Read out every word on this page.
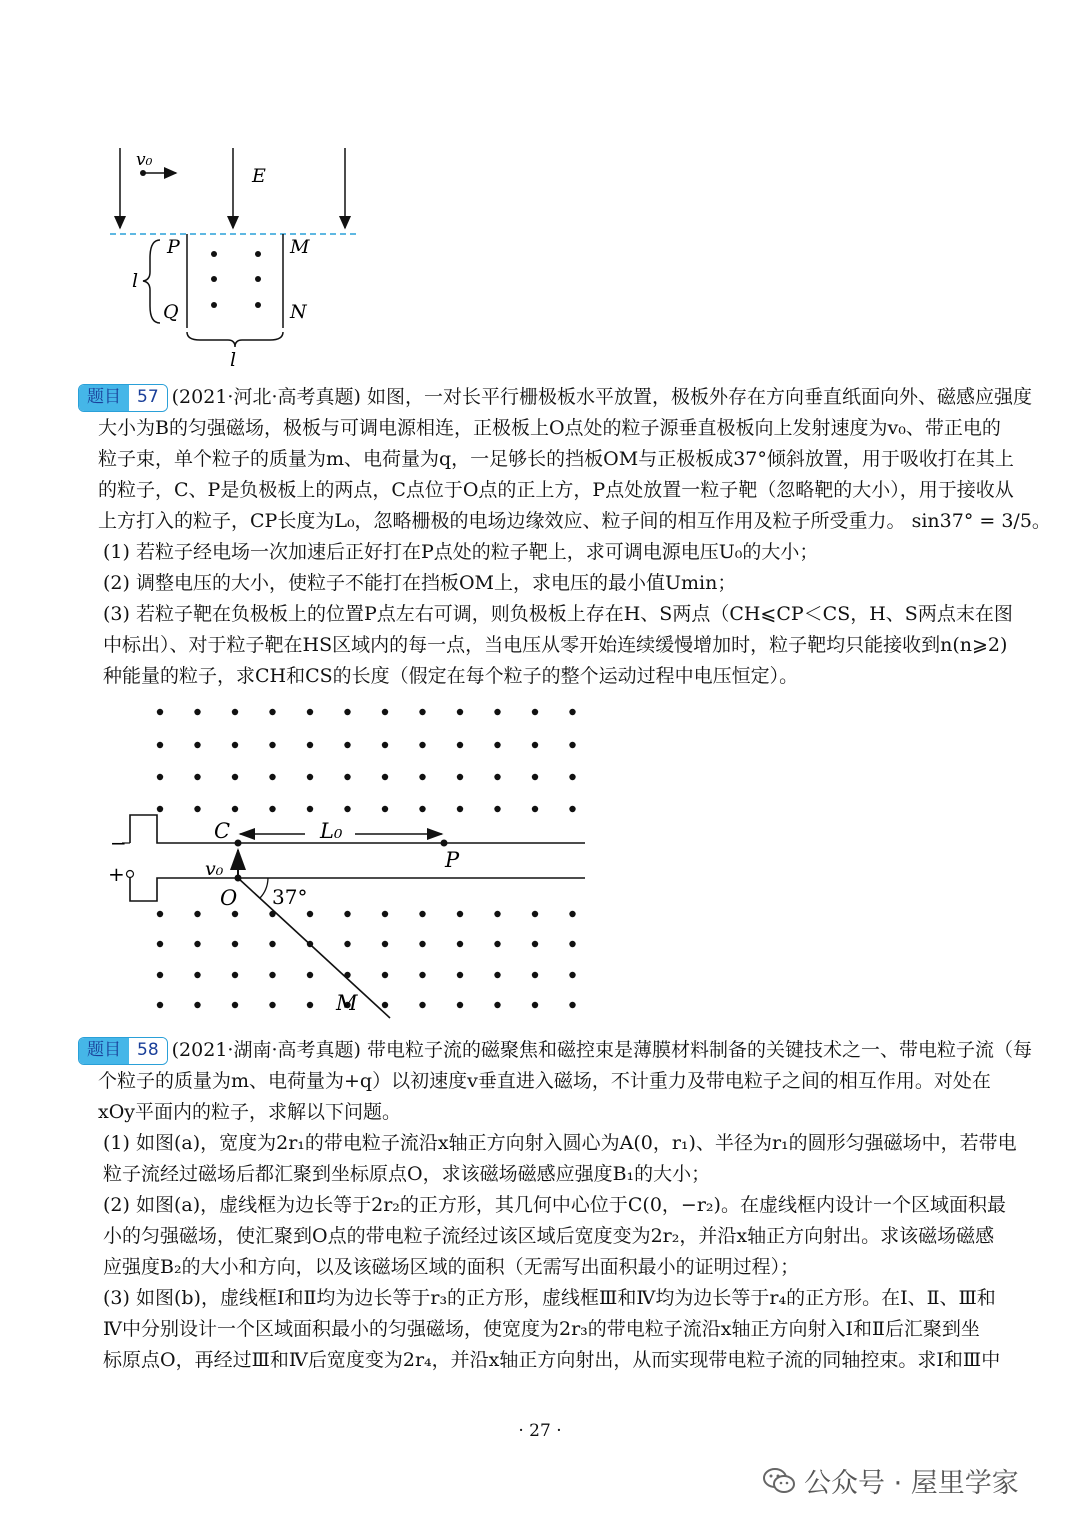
v₀
E
P
Q
M
N
l
l
题目 57 (2021·河北·高考真题) 如图，一对长平行栅极板水平放置，极板外存在方向垂直纸面向外、磁感应强度
大小为B的匀强磁场，极板与可调电源相连，正极板上O点处的粒子源垂直极板向上发射速度为v₀、带正电的
粒子束，单个粒子的质量为m、电荷量为q，一足够长的挡板OM与正极板成37°倾斜放置，用于吸收打在其上
的粒子，C、P是负极板上的两点，C点位于O点的正上方，P点处放置一粒子靶（忽略靶的大小），用于接收从
上方打入的粒子，CP长度为L₀，忽略栅极的电场边缘效应、粒子间的相互作用及粒子所受重力。 sin37° = 3/5。
(1) 若粒子经电场一次加速后正好打在P点处的粒子靶上，求可调电源电压U₀的大小；
(2) 调整电压的大小，使粒子不能打在挡板OM上，求电压的最小值Umin；
(3) 若粒子靶在负极板上的位置P点左右可调，则负极板上存在H、S两点（CH⩽CP＜CS，H、S两点末在图
中标出）、对于粒子靶在HS区域内的每一点，当电压从零开始连续缓慢增加时，粒子靶均只能接收到n(n⩾2)
种能量的粒子，求CH和CS的长度（假定在每个粒子的整个运动过程中电压恒定）。
−
+
C
P
L₀
v₀
O 37°
M
题目 58 (2021·湖南·高考真题) 带电粒子流的磁聚焦和磁控束是薄膜材料制备的关键技术之一、带电粒子流（每
个粒子的质量为m、电荷量为+q）以初速度v垂直进入磁场，不计重力及带电粒子之间的相互作用。对处在
xOy平面内的粒子，求解以下问题。
(1) 如图(a)，宽度为2r₁的带电粒子流沿x轴正方向射入圆心为A(0，r₁)、半径为r₁的圆形匀强磁场中，若带电
粒子流经过磁场后都汇聚到坐标原点O，求该磁场磁感应强度B₁的大小；
(2) 如图(a)，虚线框为边长等于2r₂的正方形，其几何中心位于C(0，−r₂)。在虚线框内设计一个区域面积最
小的匀强磁场，使汇聚到O点的带电粒子流经过该区域后宽度变为2r₂，并沿x轴正方向射出。求该磁场磁感
应强度B₂的大小和方向，以及该磁场区域的面积（无需写出面积最小的证明过程）；
(3) 如图(b)，虚线框Ⅰ和Ⅱ均为边长等于r₃的正方形，虚线框Ⅲ和Ⅳ均为边长等于r₄的正方形。在Ⅰ、Ⅱ、Ⅲ和
Ⅳ中分别设计一个区域面积最小的匀强磁场，使宽度为2r₃的带电粒子流沿x轴正方向射入Ⅰ和Ⅱ后汇聚到坐
标原点O，再经过Ⅲ和Ⅳ后宽度变为2r₄，并沿x轴正方向射出，从而实现带电粒子流的同轴控束。求Ⅰ和Ⅲ中
· 27 ·
公众号 · 屋里学家
